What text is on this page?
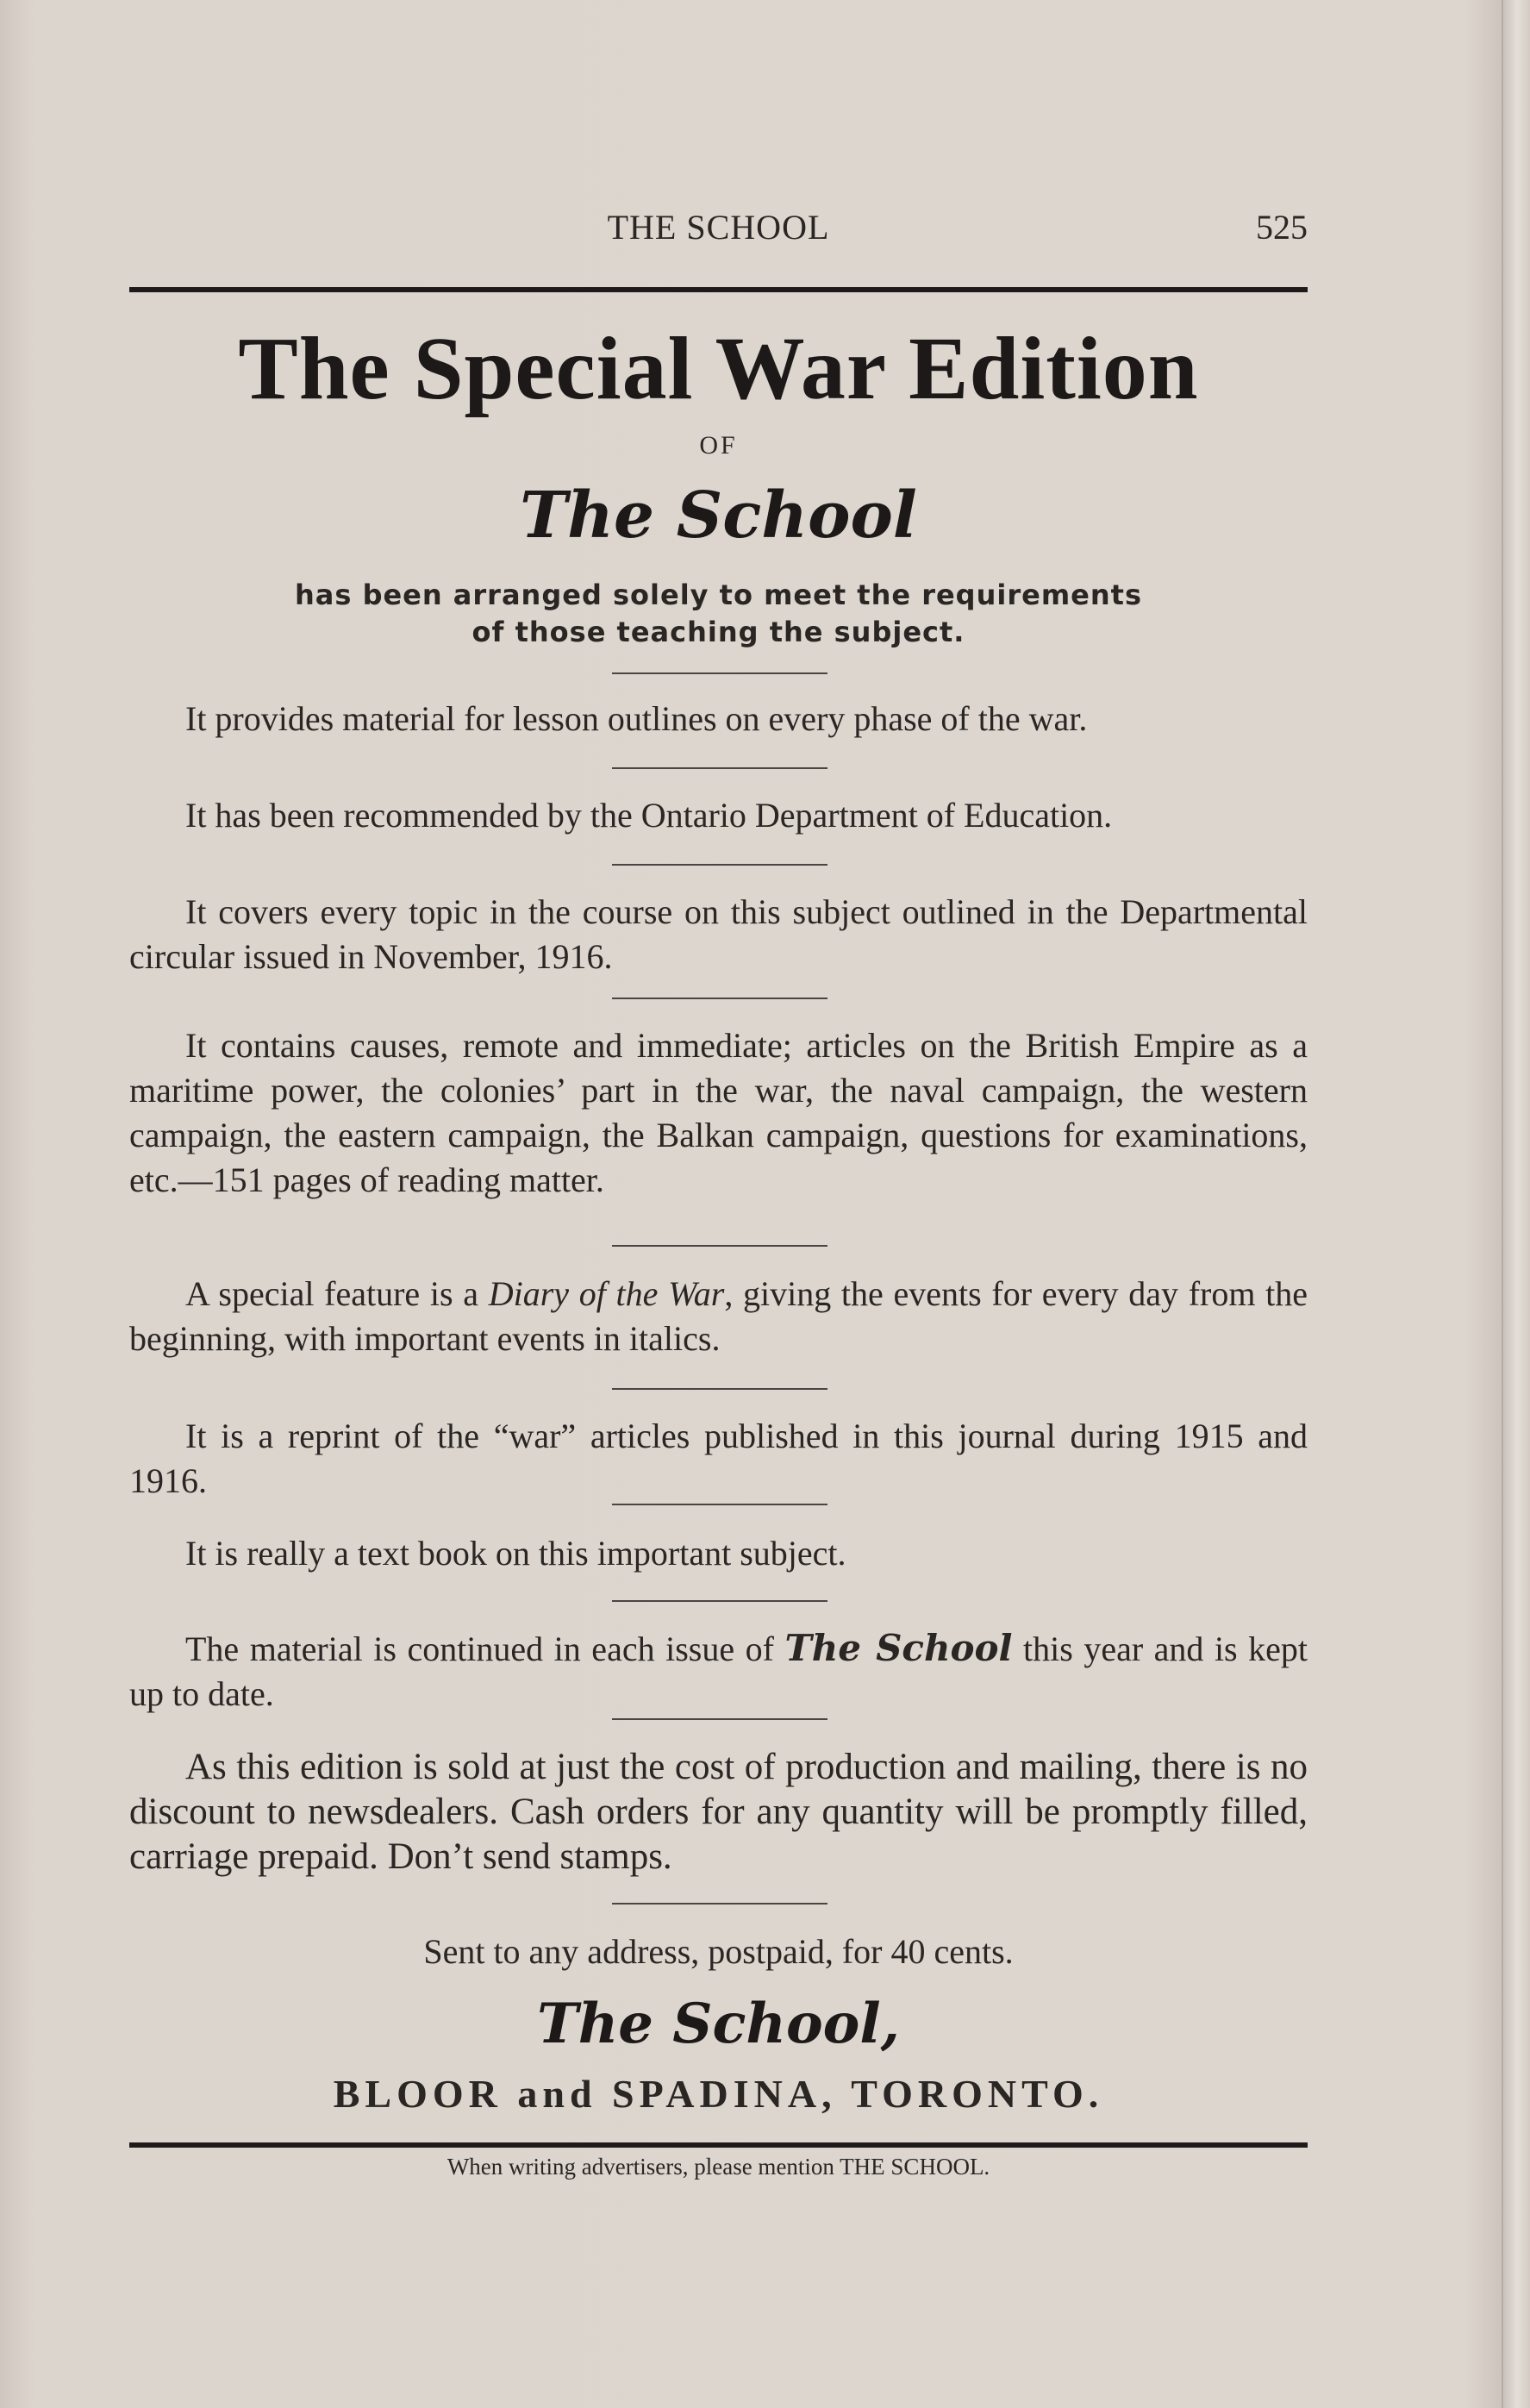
THE SCHOOL	525
The Special War Edition
OF
The School
has been arranged solely to meet the requirements
of those teaching the subject.

It provides material for lesson outlines on every phase of the war.

It has been recommended by the Ontario Department of Education.

It covers every topic in the course on this subject outlined in the Departmental circular issued in November, 1916.

It contains causes, remote and immediate; articles on the British Empire as a maritime power, the colonies’ part in the war, the naval campaign, the western campaign, the eastern campaign, the Balkan campaign, questions for examinations, etc.—151 pages of reading matter.

A special feature is a Diary of the War, giving the events for every day from the beginning, with important events in italics.

It is a reprint of the “war” articles published in this journal during 1915 and 1916.

It is really a text book on this important subject.

The material is continued in each issue of The School this year and is kept up to date.

As this edition is sold at just the cost of production and mailing, there is no discount to newsdealers. Cash orders for any quantity will be promptly filled, carriage prepaid. Don’t send stamps.

Sent to any address, postpaid, for 40 cents.

The School,
BLOOR and SPADINA, TORONTO.
When writing advertisers, please mention THE SCHOOL.
